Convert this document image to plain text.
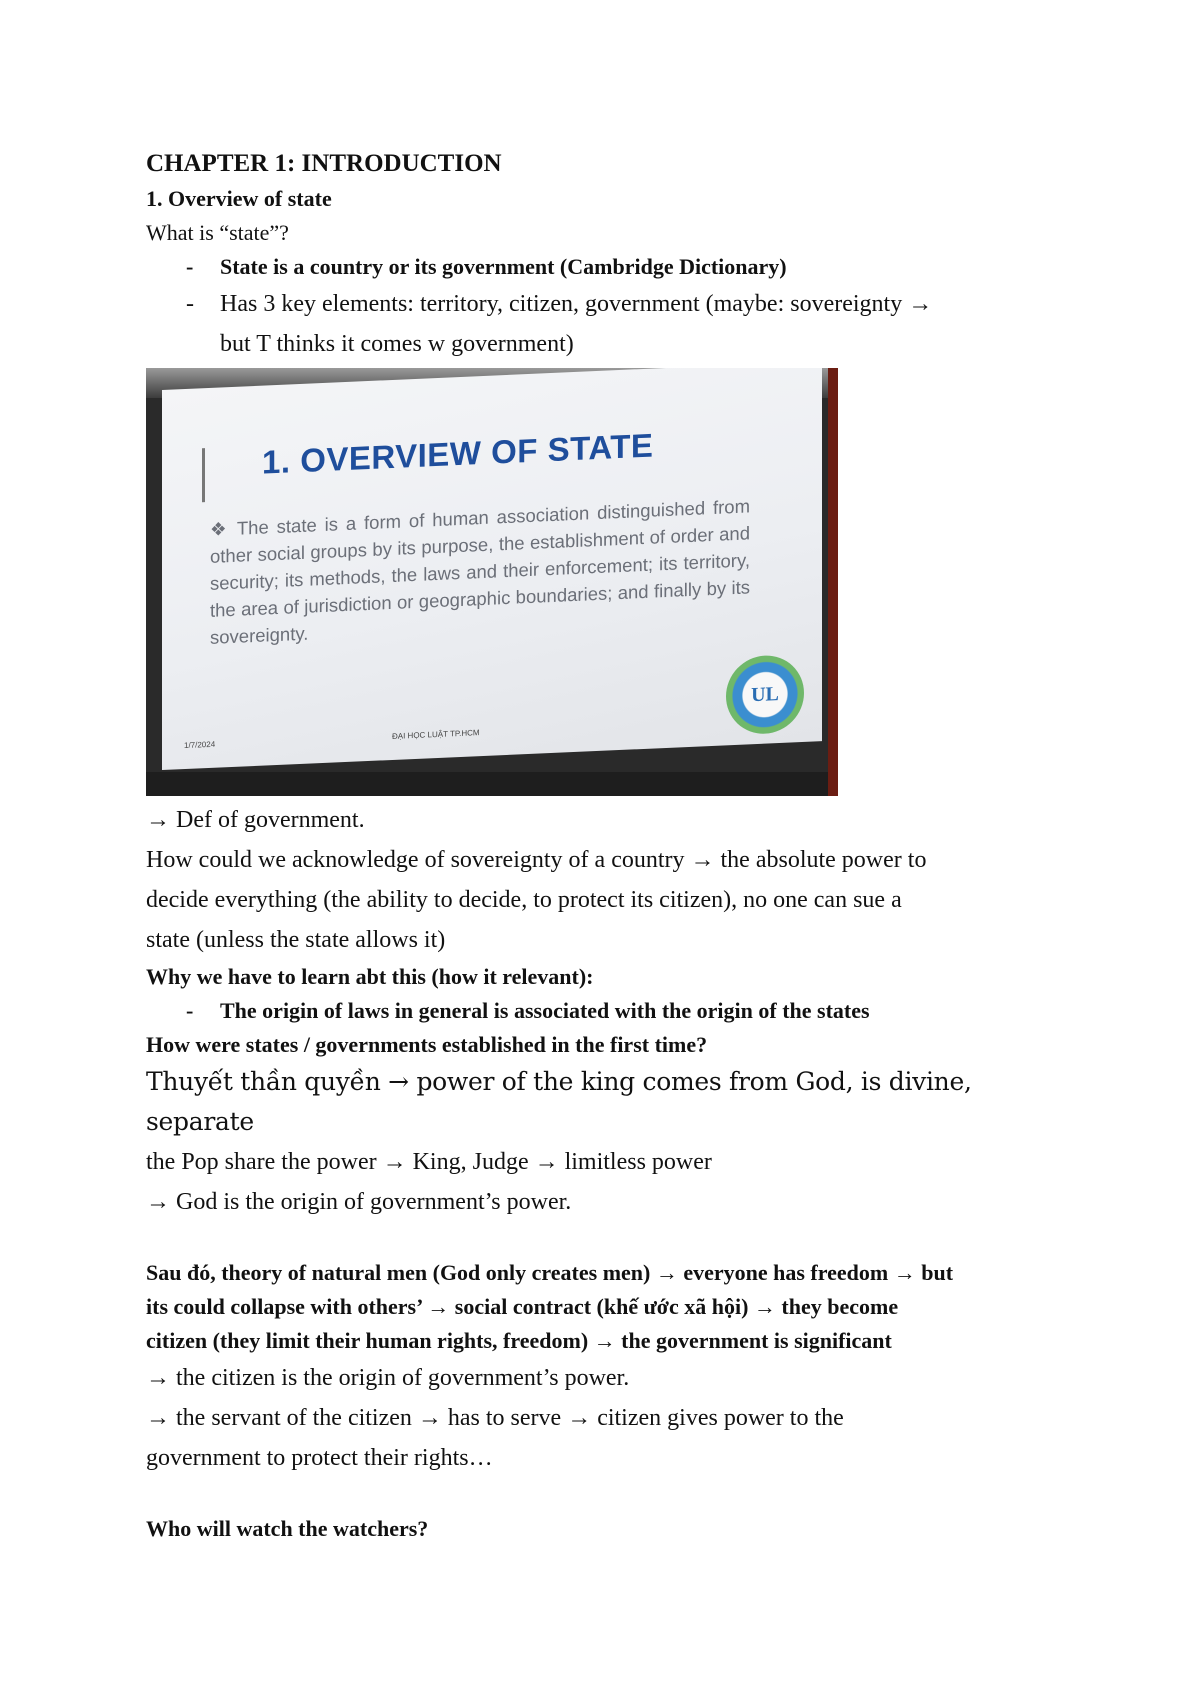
CHAPTER 1: INTRODUCTION

1. Overview of state

What is “state”?

- State is a country or its government (Cambridge Dictionary)

- Has 3 key elements: territory, citizen, government (maybe: sovereignty →

but T thinks it comes w government)

1. OVERVIEW OF STATE
❖ The state is a form of human association distinguished from other social groups by its purpose, the establishment of order and security; its methods, the laws and their enforcement; its territory, the area of jurisdiction or geographic boundaries; and finally by its sovereignty.
1/7/2024
ĐẠI HỌC LUẬT TP.HCM
UL

→ Def of government.

How could we acknowledge of sovereignty of a country → the absolute power to

decide everything (the ability to decide, to protect its citizen), no one can sue a

state (unless the state allows it)

Why we have to learn abt this (how it relevant):

- The origin of laws in general is associated with the origin of the states

How were states / governments established in the first time?

Thuyết thần quyền → power of the king comes from God, is divine, separate

the Pop share the power → King, Judge → limitless power

→ God is the origin of government’s power.

Sau đó, theory of natural men (God only creates men) → everyone has freedom → but

its could collapse with others’ → social contract (khế ước xã hội) → they become

citizen (they limit their human rights, freedom) → the government is significant

→ the citizen is the origin of government’s power.

→ the servant of the citizen → has to serve → citizen gives power to the

government to protect their rights…

Who will watch the watchers?
